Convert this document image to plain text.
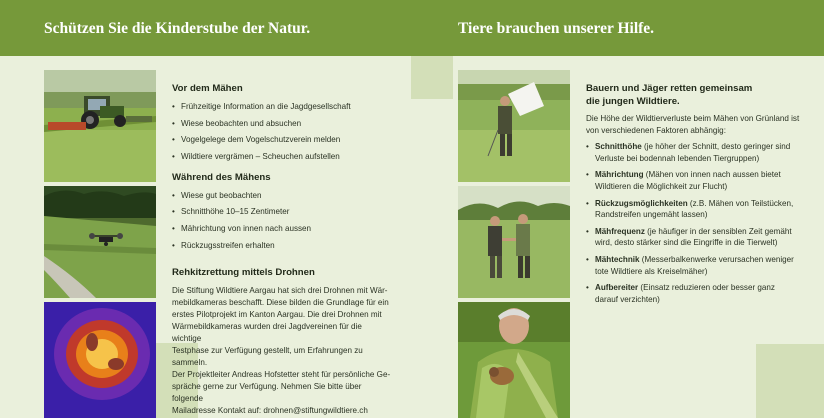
Schützen Sie die Kinderstube der Natur.	Tiere brauchen unserer Hilfe.
Vor dem Mähen
• Frühzeitige Information an die Jagdgesellschaft
• Wiese beobachten und absuchen
• Vogelgelege dem Vogelschutzverein melden
• Wildtiere vergrämen – Scheuchen aufstellen
Während des Mähens
• Wiese gut beobachten
• Schnitthöhe 10–15 Zentimeter
• Mährichtung von innen nach aussen
• Rückzugsstreifen erhalten
Rehkitzrettung mittels Drohnen

Die Stiftung Wildtiere Aargau hat sich drei Drohnen mit Wär-
mebildkameras beschafft. Diese bilden die Grundlage für ein
erstes Pilotprojekt im Kanton Aargau. Die drei Drohnen mit
Wärmebildkameras wurden drei Jagdvereinen für die wichtige
Testphase zur Verfügung gestellt, um Erfahrungen zu sammeln.
Der Projektleiter Andreas Hofstetter steht für persönliche Ge-
spräche gerne zur Verfügung. Nehmen Sie bitte über folgende
Mailadresse Kontakt auf: drohnen@stiftungwildtiere.ch

Bauern und Jäger retten gemeinsam
die jungen Wildtiere.

Die Höhe der Wildtierverluste beim Mähen von Grünland ist
von verschiedenen Faktoren abhängig:

• Schnitthöhe (je höher der Schnitt, desto geringer sind
Verluste bei bodennah lebenden Tiergruppen)
• Mährichtung (Mähen von innen nach aussen bietet
Wildtieren die Möglichkeit zur Flucht)
• Rückzugsmöglichkeiten (z.B. Mähen von Teilstücken,
Randstreifen ungemäht lassen)
• Mähfrequenz (je häufiger in der sensiblen Zeit gemäht
wird, desto stärker sind die Eingriffe in die Tierwelt)
• Mähtechnik (Messerbalkenwerke verursachen weniger
tote Wildtiere als Kreiselmäher)
• Aufbereiter (Einsatz reduzieren oder besser ganz
darauf verzichten)
